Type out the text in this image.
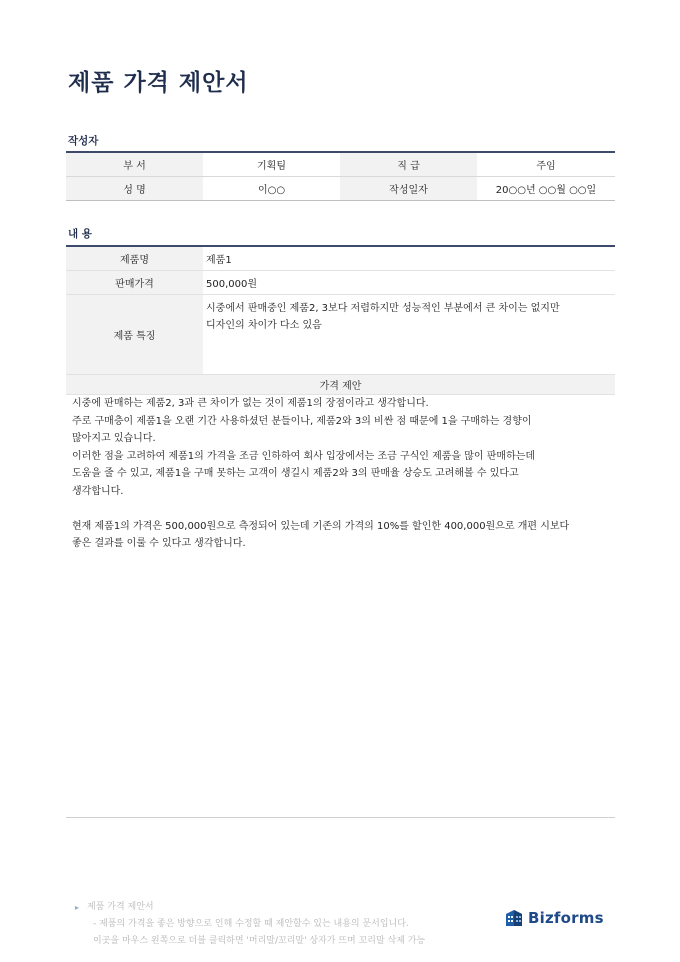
제품 가격 제안서
작성자
부 서	기획팀	직 급	주임
성 명	이○○	작성일자	20○○년 ○○월 ○○일
내 용
제품명	제품1
판매가격	500,000원
제품 특징	시중에서 판매중인 제품2, 3보다 저렴하지만 성능적인 부분에서 큰 차이는 없지만
디자인의 차이가 다소 있음

가격 제안	

시중에 판매하는 제품2, 3과 큰 차이가 없는 것이 제품1의 장점이라고 생각합니다.

주로 구매층이 제품1을 오랜 기간 사용하셨던 분들이나, 제품2와 3의 비싼 점 때문에 1을 구매하는 경향이

많아지고 있습니다.

이러한 점을 고려하여 제품1의 가격을 조금 인하하여 회사 입장에서는 조금 구식인 제품을 많이 판매하는데

도움을 줄 수 있고, 제품1을 구매 못하는 고객이 생길시 제품2와 3의 판매율 상승도 고려해볼 수 있다고

생각합니다.

현재 제품1의 가격은 500,000원으로 측정되어 있는데 기존의 가격의 10%를 할인한 400,000원으로 개편 시보다

좋은 결과를 이룰 수 있다고 생각합니다.

▸ 제품 가격 제안서
- 제품의 가격을 좋은 방향으로 인해 수정할 때 제안할수 있는 내용의 문서입니다.
이곳을 마우스 왼쪽으로 더블 클릭하면 '머리말/꼬리말' 상자가 뜨며 꼬리말 삭제 가능
Bizforms
